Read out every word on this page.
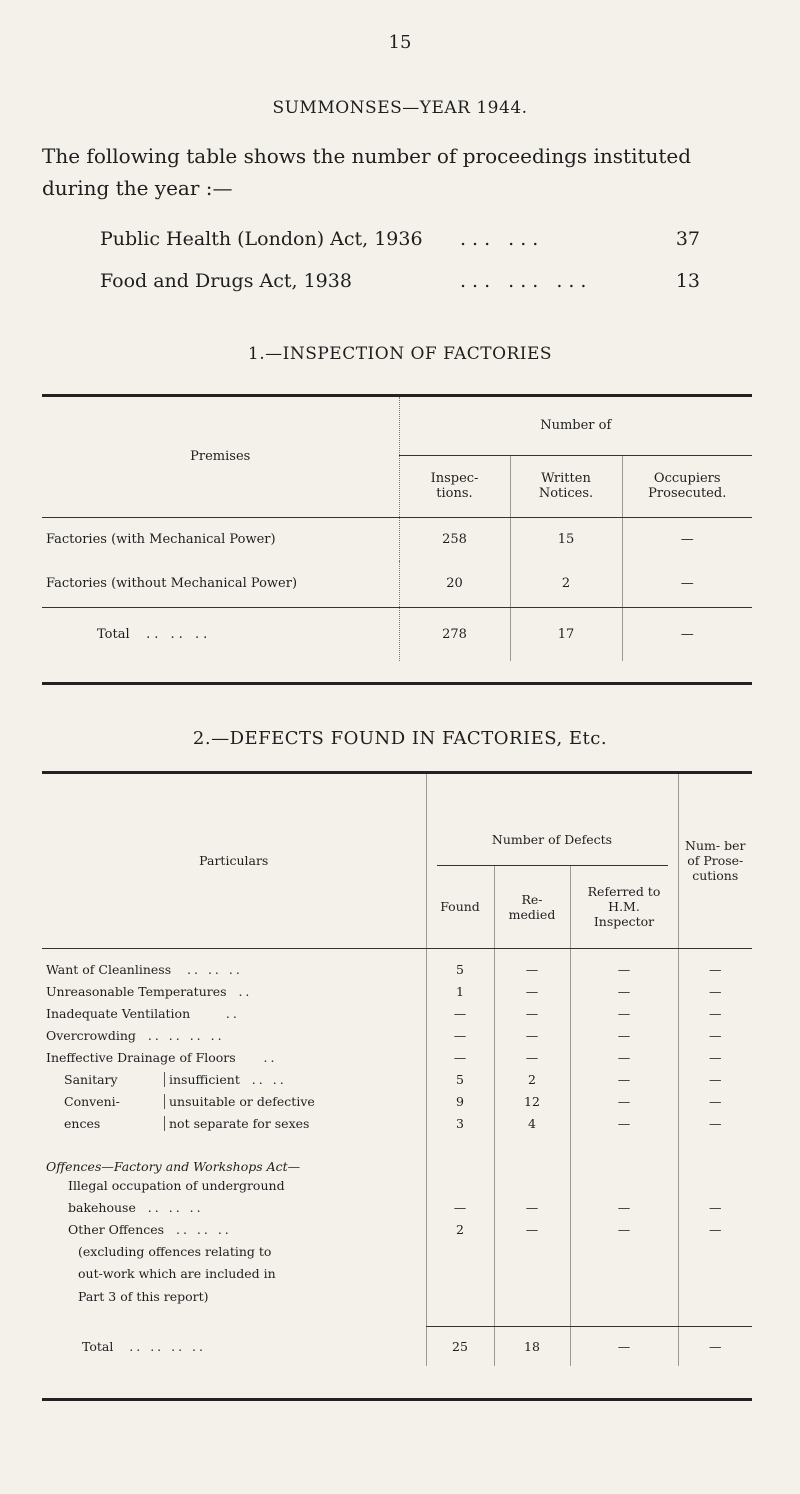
15
SUMMONSES—YEAR 1944.
The following table shows the number of proceedings instituted during the year :—
Public Health (London) Act, 1936 ... ...	37
Food and Drugs Act, 1938	... ... ...	13
1.—INSPECTION OF FACTORIES
Premises	Number of		
	Inspec- tions.	Written Notices.	Occupiers Prosecuted.
Factories (with Mechanical Power)	258	15	—
Factories (without Mechanical Power)	20	2	—
Total .. .. ..	278	17	—
2.—DEFECTS FOUND IN FACTORIES, Etc.
Particulars	Number of Defects			Num- ber of Prose- cutions
	Found	Re- medied	Referred to H.M. Inspector	

Want of Cleanliness .. .. ..	5	—	—	—
Unreasonable Temperatures ..	1	—	—	—
Inadequate Ventilation ..	—	—	—	—
Overcrowding .. .. .. ..	—	—	—	—
Ineffective Drainage of Floors ..	—	—	—	—
Sanitary insufficient .. ..	5	2	—	—
Conveni- unsuitable or defective	9	12	—	—
ences not separate for sexes	3	4	—	—
Offences—Factory and Workshops Act—				
Illegal occupation of underground				
bakehouse .. .. ..	—	—	—	—
Other Offences .. .. ..	2	—	—	—
(excluding offences relating to				
out-work which are included in				
Part 3 of this report)				

Total .. .. .. ..	25	18	—	—
